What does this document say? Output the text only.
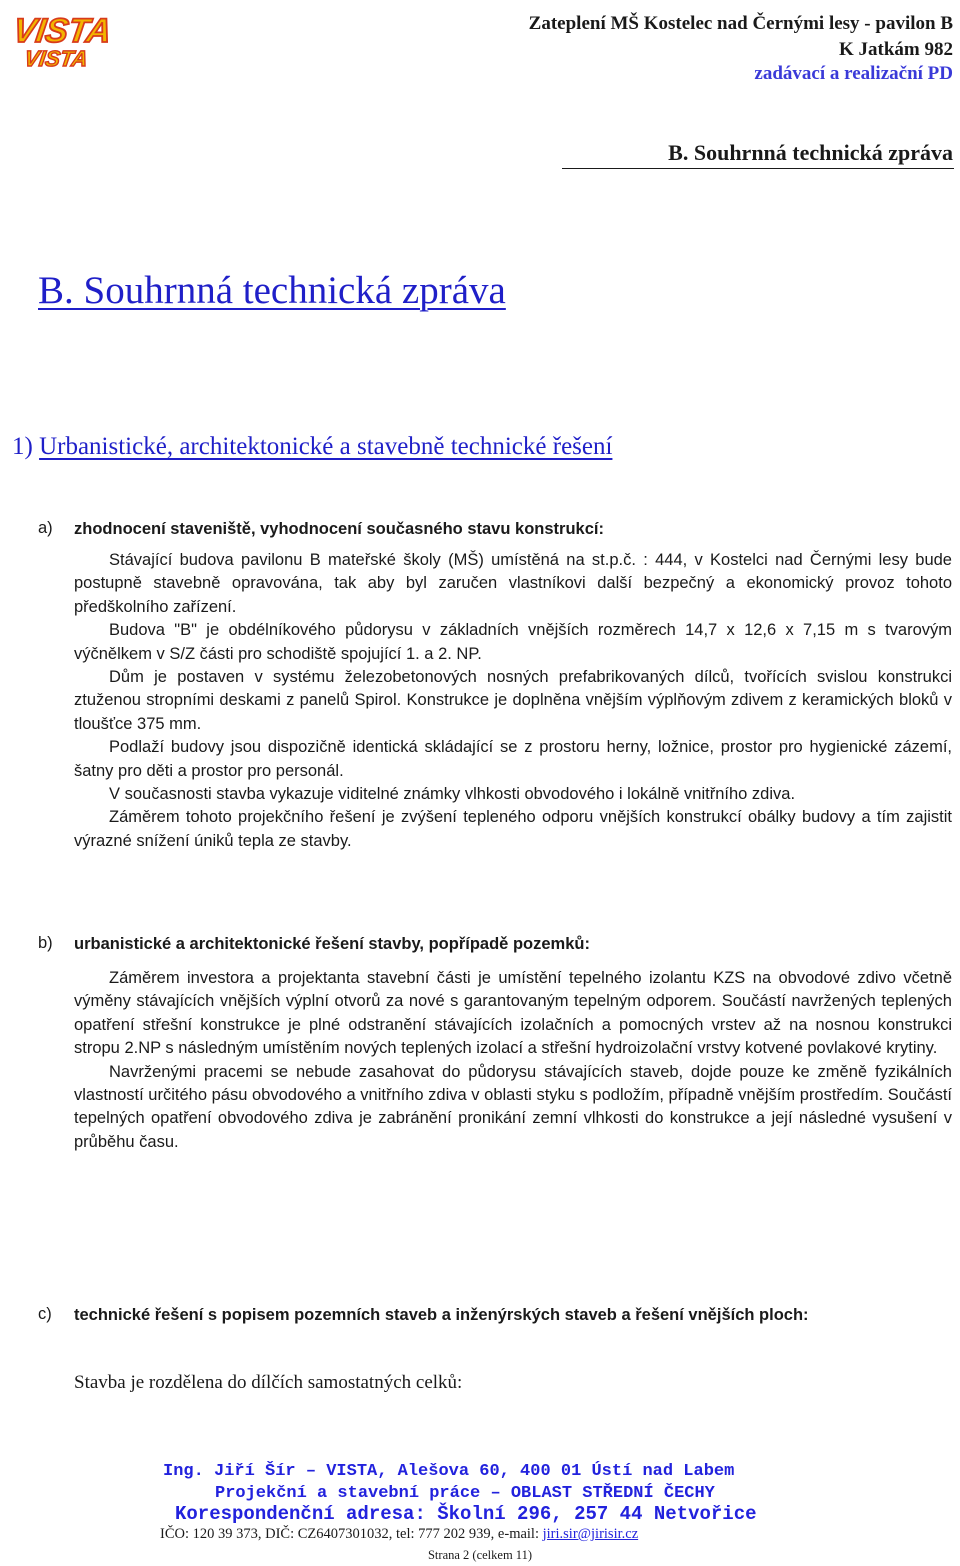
VISTA
VISTA
Zateplení MŠ Kostelec nad Černými lesy - pavilon B
K Jatkám 982
zadávací a realizační PD
B. Souhrnná technická zpráva
B. Souhrnná technická zpráva
1) Urbanistické, architektonické a stavebně technické řešení
a) zhodnocení staveniště, vyhodnocení současného stavu konstrukcí:

Stávající budova pavilonu B mateřské školy (MŠ) umístěná na st.p.č. : 444, v Kostelci nad Černými lesy bude postupně stavebně opravována, tak aby byl zaručen vlastníkovi další bezpečný a ekonomický provoz tohoto předškolního zařízení.

Budova "B" je obdélníkového půdorysu v základních vnějších rozměrech 14,7 x 12,6 x 7,15 m s tvarovým výčnělkem v S/Z části pro schodiště spojující 1. a 2. NP.

Dům je postaven v systému železobetonových nosných prefabrikovaných dílců, tvořících svislou konstrukci ztuženou stropními deskami z panelů Spirol. Konstrukce je doplněna vnějším výplňovým zdivem z keramických bloků v tloušťce 375 mm.

Podlaží budovy jsou dispozičně identická skládající se z prostoru herny, ložnice, prostor pro hygienické zázemí, šatny pro děti a prostor pro personál.

V současnosti stavba vykazuje viditelné známky vlhkosti obvodového i lokálně vnitřního zdiva.

Záměrem tohoto projekčního řešení je zvýšení tepleného odporu vnějších konstrukcí obálky budovy a tím zajistit výrazné snížení úniků tepla ze stavby.

b) urbanistické a architektonické řešení stavby, popřípadě pozemků:

Záměrem investora a projektanta stavební části je umístění tepelného izolantu KZS na obvodové zdivo včetně výměny stávajících vnějších výplní otvorů za nové s garantovaným tepelným odporem. Součástí navržených teplených opatření střešní konstrukce je plné odstranění stávajících izolačních a pomocných vrstev až na nosnou konstrukci stropu 2.NP s následným umístěním nových teplených izolací a střešní hydroizolační vrstvy kotvené povlakové krytiny.

Navrženými pracemi se nebude zasahovat do půdorysu stávajících staveb, dojde pouze ke změně fyzikálních vlastností určitého pásu obvodového a vnitřního zdiva v oblasti styku s podložím, případně vnějším prostředím. Součástí tepelných opatření obvodového zdiva je zabránění pronikání zemní vlhkosti do konstrukce a její následné vysušení v průběhu času.

c) technické řešení s popisem pozemních staveb a inženýrských staveb a řešení vnějších ploch:
Stavba je rozdělena do dílčích samostatných celků:
Ing. Jiří Šír – VISTA, Alešova 60, 400 01 Ústí nad Labem
Projekční a stavební práce – OBLAST STŘEDNÍ ČECHY
Korespondenční adresa: Školní 296, 257 44 Netvořice
IČO: 120 39 373, DIČ: CZ6407301032, tel: 777 202 939, e-mail: jiri.sir@jirisir.cz
Strana 2 (celkem 11)
